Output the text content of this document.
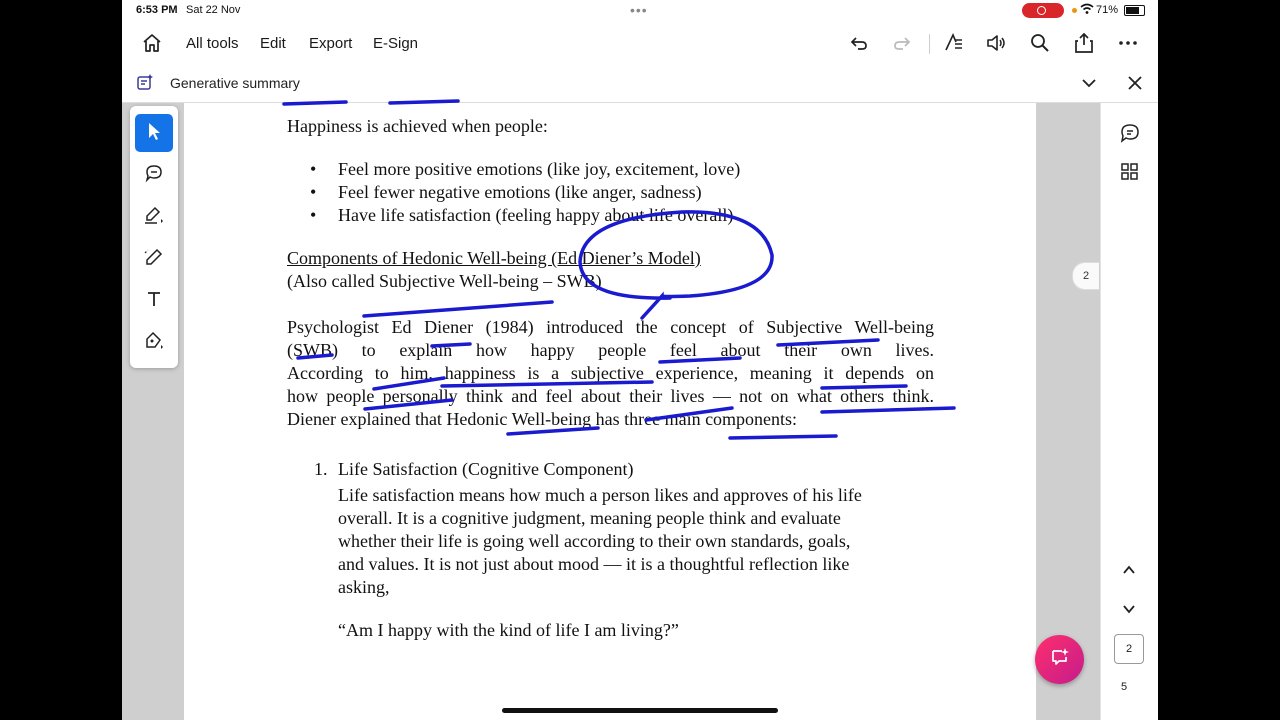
6:53 PM Sat 22 Nov	•••	71%
All tools Edit Export E-Sign
Generative summary
Happiness is achieved when people:
• Feel more positive emotions (like joy, excitement, love)
• Feel fewer negative emotions (like anger, sadness)
• Have life satisfaction (feeling happy about life overall)
Components of Hedonic Well-being (Ed Diener’s Model)
(Also called Subjective Well-being – SWB)
Psychologist Ed Diener (1984) introduced the concept of Subjective Well-being
(SWB) to explain how happy people feel about their own lives.
According to him, happiness is a subjective experience, meaning it depends on
how people personally think and feel about their lives — not on what others think.
Diener explained that Hedonic Well-being has three main components:
1. Life Satisfaction (Cognitive Component)
Life satisfaction means how much a person likes and approves of his life
overall. It is a cognitive judgment, meaning people think and evaluate
whether their life is going well according to their own standards, goals,
and values. It is not just about mood — it is a thoughtful reflection like
asking,
“Am I happy with the kind of life I am living?”
2
5
2
